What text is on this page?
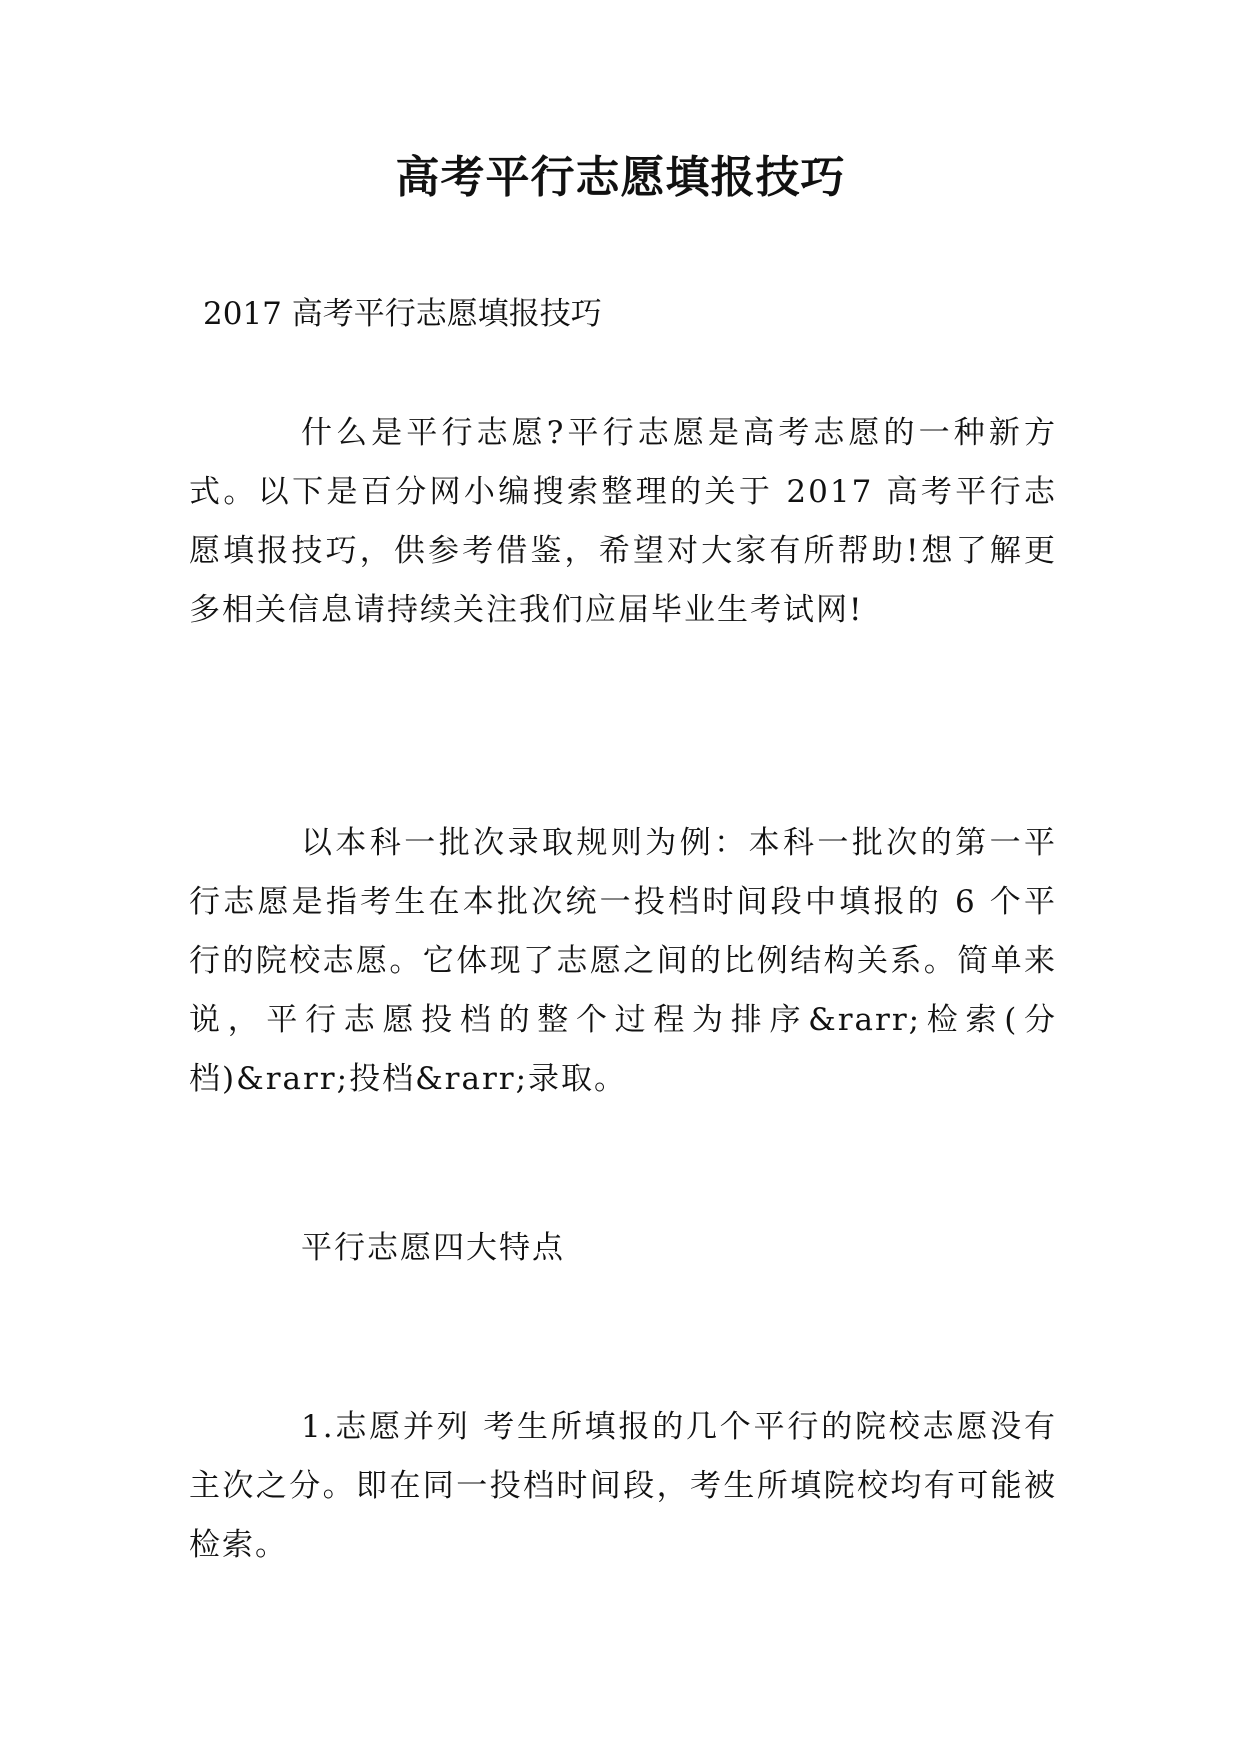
高考平行志愿填报技巧

2017 高考平行志愿填报技巧

什么是平行志愿?平行志愿是高考志愿的一种新方式。以下是百分网小编搜索整理的关于 2017 高考平行志愿填报技巧，供参考借鉴，希望对大家有所帮助!想了解更多相关信息请持续关注我们应届毕业生考试网!

以本科一批次录取规则为例：本科一批次的第一平行志愿是指考生在本批次统一投档时间段中填报的 6 个平行的院校志愿。它体现了志愿之间的比例结构关系。简单来说，平行志愿投档的整个过程为排序&rarr;检索(分档)&rarr;投档&rarr;录取。

平行志愿四大特点

1.志愿并列 考生所填报的几个平行的院校志愿没有主次之分。即在同一投档时间段，考生所填院校均有可能被检索。
